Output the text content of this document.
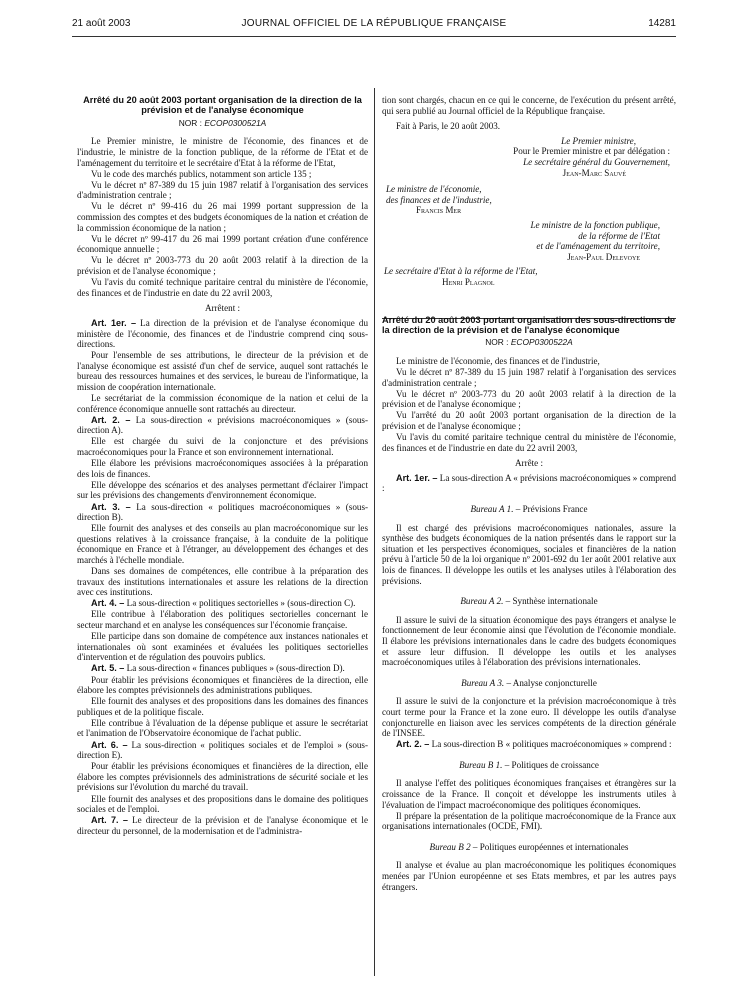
21 août 2003	JOURNAL OFFICIEL DE LA RÉPUBLIQUE FRANÇAISE	14281
Arrêté du 20 août 2003 portant organisation de la direction de la prévision et de l'analyse économique
NOR : ECOP0300521A

Le Premier ministre, le ministre de l'économie, des finances et de l'industrie, le ministre de la fonction publique, de la réforme de l'Etat et de l'aménagement du territoire et le secrétaire d'Etat à la réforme de l'Etat,

Vu le code des marchés publics, notamment son article 135 ;

Vu le décret nº 87-389 du 15 juin 1987 relatif à l'organisation des services d'administration centrale ;

Vu le décret nº 99-416 du 26 mai 1999 portant suppression de la commission des comptes et des budgets économiques de la nation et création de la commission économique de la nation ;

Vu le décret nº 99-417 du 26 mai 1999 portant création d'une conférence économique annuelle ;

Vu le décret nº 2003-773 du 20 août 2003 relatif à la direction de la prévision et de l'analyse économique ;

Vu l'avis du comité technique paritaire central du ministère de l'économie, des finances et de l'industrie en date du 22 avril 2003,

Arrêtent :

Art. 1er. – La direction de la prévision et de l'analyse économique du ministère de l'économie, des finances et de l'industrie comprend cinq sous-directions.

Pour l'ensemble de ses attributions, le directeur de la prévision et de l'analyse économique est assisté d'un chef de service, auquel sont rattachés le bureau des ressources humaines et des services, le bureau de l'informatique, la mission de coopération internationale.

Le secrétariat de la commission économique de la nation et celui de la conférence économique annuelle sont rattachés au directeur.

Art. 2. – La sous-direction « prévisions macroéconomiques » (sous-direction A).

Elle est chargée du suivi de la conjoncture et des prévisions macroéconomiques pour la France et son environnement international.

Elle élabore les prévisions macroéconomiques associées à la préparation des lois de finances.

Elle développe des scénarios et des analyses permettant d'éclairer l'impact sur les prévisions des changements d'environnement économique.

Art. 3. – La sous-direction « politiques macroéconomiques » (sous-direction B).

Elle fournit des analyses et des conseils au plan macroéconomique sur les questions relatives à la croissance française, à la conduite de la politique économique en France et à l'étranger, au développement des échanges et des marchés à l'échelle mondiale.

Dans ses domaines de compétences, elle contribue à la préparation des travaux des institutions internationales et assure les relations de la direction avec ces institutions.

Art. 4. – La sous-direction « politiques sectorielles » (sous-direction C).

Elle contribue à l'élaboration des politiques sectorielles concernant le secteur marchand et en analyse les conséquences sur l'économie française.

Elle participe dans son domaine de compétence aux instances nationales et internationales où sont examinées et évaluées les politiques sectorielles d'intervention et de régulation des pouvoirs publics.

Art. 5. – La sous-direction « finances publiques » (sous-direction D).

Pour établir les prévisions économiques et financières de la direction, elle élabore les comptes prévisionnels des administrations publiques.

Elle fournit des analyses et des propositions dans les domaines des finances publiques et de la politique fiscale.

Elle contribue à l'évaluation de la dépense publique et assure le secrétariat et l'animation de l'Observatoire économique de l'achat public.

Art. 6. – La sous-direction « politiques sociales et de l'emploi » (sous-direction E).

Pour établir les prévisions économiques et financières de la direction, elle élabore les comptes prévisionnels des administrations de sécurité sociale et les prévisions sur l'évolution du marché du travail.

Elle fournit des analyses et des propositions dans le domaine des politiques sociales et de l'emploi.

Art. 7. – Le directeur de la prévision et de l'analyse économique et le directeur du personnel, de la modernisation et de l'administra-

tion sont chargés, chacun en ce qui le concerne, de l'exécution du présent arrêté, qui sera publié au Journal officiel de la République française.

Fait à Paris, le 20 août 2003.

Le Premier ministre,
Pour le Premier ministre et par délégation :
Le secrétaire général du Gouvernement,
Jean-Marc Sauvé
Le ministre de l'économie,
des finances et de l'industrie,
Francis Mer
Le ministre de la fonction publique,
de la réforme de l'Etat
et de l'aménagement du territoire,
Jean-Paul Delevoye
Le secrétaire d'Etat à la réforme de l'Etat,
Henri Plagnol
Arrêté du 20 août 2003 portant organisation des sous-directions de la direction de la prévision et de l'analyse économique
NOR : ECOP0300522A

Le ministre de l'économie, des finances et de l'industrie,

Vu le décret nº 87-389 du 15 juin 1987 relatif à l'organisation des services d'administration centrale ;

Vu le décret nº 2003-773 du 20 août 2003 relatif à la direction de la prévision et de l'analyse économique ;

Vu l'arrêté du 20 août 2003 portant organisation de la direction de la prévision et de l'analyse économique ;

Vu l'avis du comité paritaire technique central du ministère de l'économie, des finances et de l'industrie en date du 22 avril 2003,

Arrête :

Art. 1er. – La sous-direction A « prévisions macroéconomiques » comprend :

Bureau A 1. – Prévisions France

Il est chargé des prévisions macroéconomiques nationales, assure la synthèse des budgets économiques de la nation présentés dans le rapport sur la situation et les perspectives économiques, sociales et financières de la nation prévu à l'article 50 de la loi organique nº 2001-692 du 1er août 2001 relative aux lois de finances. Il développe les outils et les analyses utiles à l'élaboration des prévisions.

Bureau A 2. – Synthèse internationale

Il assure le suivi de la situation économique des pays étrangers et analyse le fonctionnement de leur économie ainsi que l'évolution de l'économie mondiale. Il élabore les prévisions internationales dans le cadre des budgets économiques et assure leur diffusion. Il développe les outils et les analyses macroéconomiques utiles à l'élaboration des prévisions internationales.

Bureau A 3. – Analyse conjoncturelle

Il assure le suivi de la conjoncture et la prévision macroéconomique à très court terme pour la France et la zone euro. Il développe les outils d'analyse conjoncturelle en liaison avec les services compétents de la direction générale de l'INSEE.

Art. 2. – La sous-direction B « politiques macroéconomiques » comprend :

Bureau B 1. – Politiques de croissance

Il analyse l'effet des politiques économiques françaises et étrangères sur la croissance de la France. Il conçoit et développe les instruments utiles à l'évaluation de l'impact macroéconomique des politiques économiques.

Il prépare la présentation de la politique macroéconomique de la France aux organisations internationales (OCDE, FMI).

Bureau B 2 – Politiques européennes et internationales

Il analyse et évalue au plan macroéconomique les politiques économiques menées par l'Union européenne et ses Etats membres, et par les autres pays étrangers.
